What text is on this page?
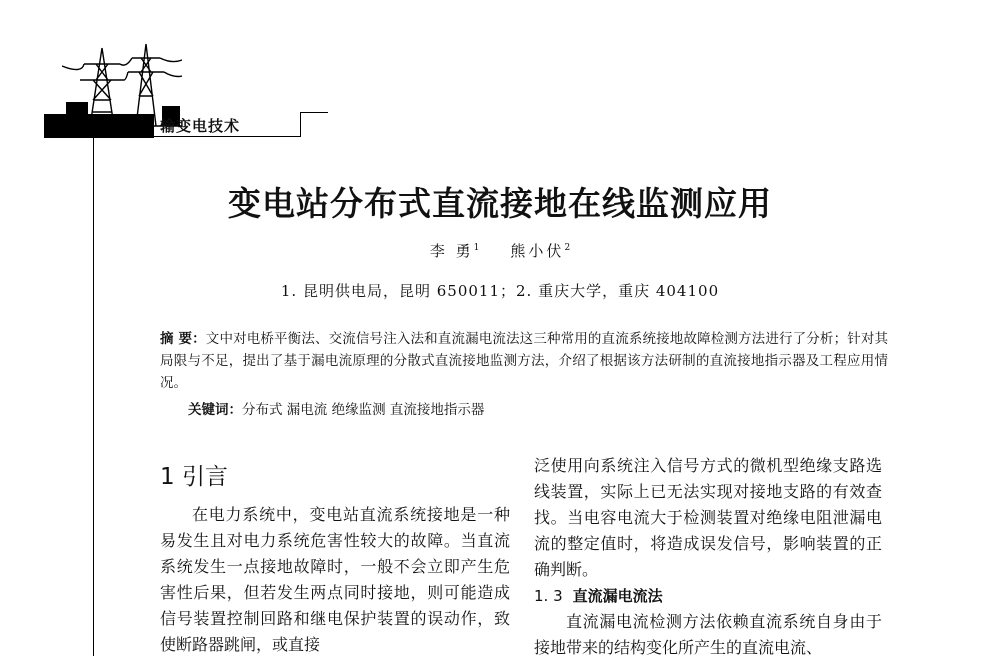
输变电技术
变电站分布式直流接地在线监测应用
李 勇$^1$ 熊小伏$^2$
1. 昆明供电局，昆明 650011；2. 重庆大学，重庆 404100
摘 要：文中对电桥平衡法、交流信号注入法和直流漏电流法这三种常用的直流系统接地故障检测方法进行了分析；针对其局限与不足，提出了基于漏电流原理的分散式直流接地监测方法，介绍了根据该方法研制的直流接地指示器及工程应用情况。
关键词：分布式 漏电流 绝缘监测 直流接地指示器
1 引言
在电力系统中，变电站直流系统接地是一种易发生且对电力系统危害性较大的故障。当直流系统发生一点接地故障时，一般不会立即产生危害性后果，但若发生两点同时接地，则可能造成信号装置控制回路和继电保护装置的误动作，致使断路器跳闸，或直接

泛使用向系统注入信号方式的微机型绝缘支路选线装置，实际上已无法实现对接地支路的有效查找。当电容电流大于检测装置对绝缘电阻泄漏电流的整定值时，将造成误发信号，影响装置的正确判断。

1. 3 直流漏电流法

直流漏电流检测方法依赖直流系统自身由于接地带来的结构变化所产生的直流电流、
